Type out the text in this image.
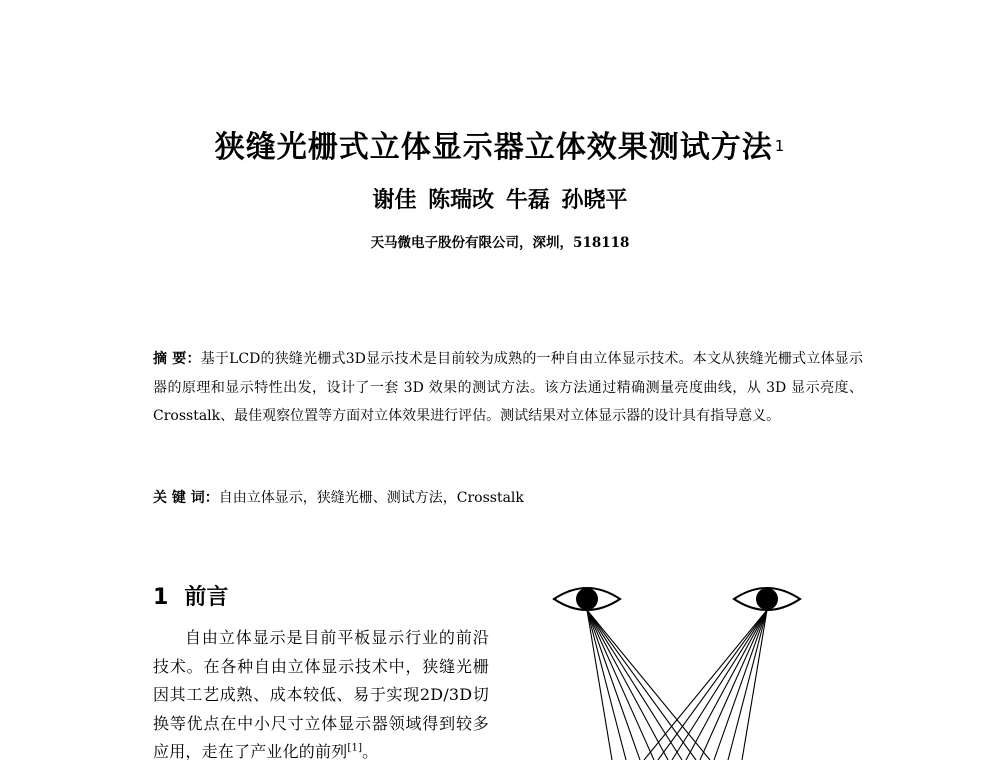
狭缝光栅式立体显示器立体效果测试方法 $^1$
谢佳 陈瑞改 牛磊 孙晓平
天马微电子股份有限公司，深圳，518118
摘 要：基于LCD的狭缝光栅式3D显示技术是目前较为成熟的一种自由立体显示技术。本文从狭缝光栅式立体显示器的原理和显示特性出发，设计了一套 3D 效果的测试方法。该方法通过精确测量亮度曲线，从 3D 显示亮度、Crosstalk、最佳观察位置等方面对立体效果进行评估。测试结果对立体显示器的设计具有指导意义。
关 键 词：自由立体显示，狭缝光栅、测试方法，Crosstalk
1 前言
自由立体显示是目前平板显示行业的前沿技术。在各种自由立体显示技术中，狭缝光栅因其工艺成熟、成本较低、易于实现2D/3D切换等优点在中小尺寸立体显示器领域得到较多应用，走在了产业化的前列[1]。
